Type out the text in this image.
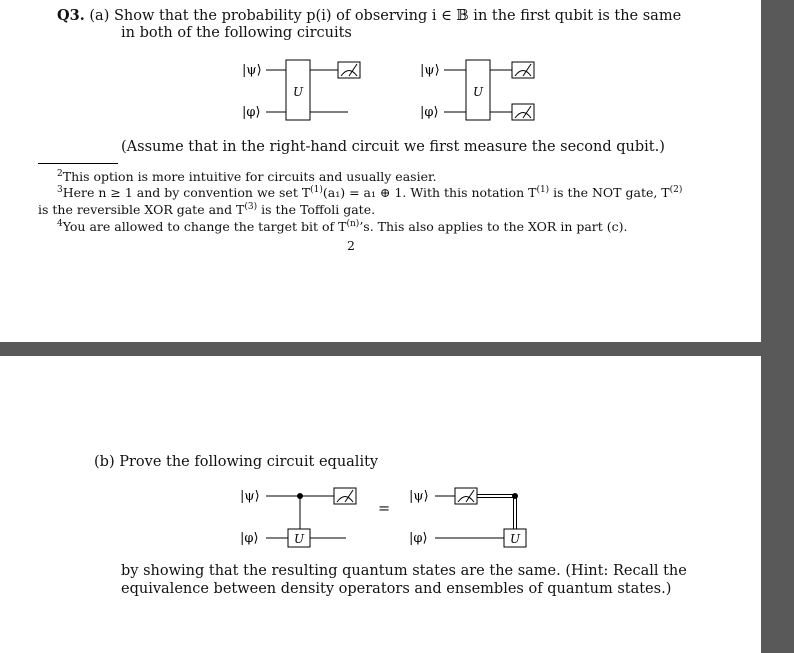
Q3. (a) Show that the probability p(i) of observing i ∈ 𝔹 in the first qubit is the same
in both of the following circuits
|ψ⟩
|φ⟩
U
|ψ⟩
|φ⟩
U
(Assume that in the right-hand circuit we first measure the second qubit.)
$^2$This option is more intuitive for circuits and usually easier.
$^3$Here n ≥ 1 and by convention we set $T^{(1)}(a_1) = a_1$ ⊕ 1. With this notation $T^{(1)}$ is the NOT gate, $T^{(2)}$
is the reversible XOR gate and $T^{(3)}$ is the Toffoli gate.
$^4$You are allowed to change the target bit of $T^{(n)}’s$. This also applies to the XOR in part (c).
2
(b) Prove the following circuit equality
|ψ⟩
|φ⟩	U
=
|ψ⟩
|φ⟩	U
by showing that the resulting quantum states are the same. (Hint: Recall the
equivalence between density operators and ensembles of quantum states.)
